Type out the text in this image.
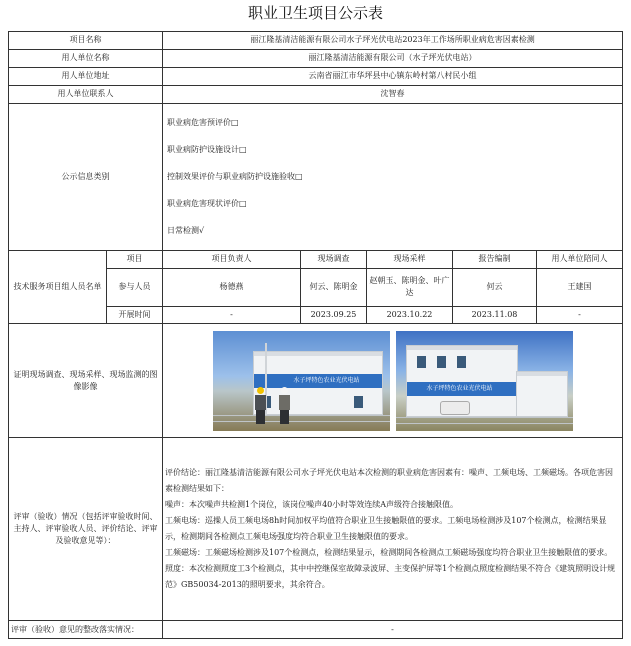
职业卫生项目公示表
项目名称		丽江隆基清洁能源有限公司水子坪光伏电站2023年工作场所职业病危害因素检测				
用人单位名称		丽江隆基清洁能源有限公司（水子坪光伏电站）				
用人单位地址		云南省丽江市华坪县中心镇东岭村第八村民小组				
用人单位联系人		沈智春				
公示信息类别		职业病危害预评价□
职业病防护设施设计□
控制效果评价与职业病防护设施验收□
职业病危害现状评价□
日常检测√				

技术服务项目组人员名单	项目	项目负责人	现场调查	现场采样	报告编制	用人单位陪同人
	参与人员	杨德燕	何云、陈明金	赵朝玉、陈明金、叶广达	何云	王建国
	开展时间	-	2023.09.25	2023.10.22	2023.11.08	-
证明现场调查、现场采样、现场监测的图像影像		水子坪特色农业光伏电站
水子坪特色农业光伏电站				

评审（验收）情况（包括评审验收时间、主持人、评审验收人员、评价结论、评审及验收意见等）：		评价结论：丽江隆基清洁能源有限公司水子坪光伏电站本次检测的职业病危害因素有：噪声、工频电场、工频磁场。各项危害因素检测结果如下：

噪声：本次噪声共检测1个岗位，该岗位噪声40小时等效连续A声级符合接触限值。

工频电场：巡操人员工频电场8h时间加权平均值符合职业卫生接触限值的要求。工频电场检测涉及107个检测点，检测结果显示，检测期间各检测点工频电场强度均符合职业卫生接触限值的要求。

工频磁场：工频磁场检测涉及107个检测点，检测结果显示，检测期间各检测点工频磁场强度均符合职业卫生接触限值的要求。

照度：本次检测照度工3个检测点，其中中控继保室故障录波屏、主变保护屏等1个检测点照度检测结果不符合《建筑照明设计规范》GB50034-2013的照明要求，其余符合。				

评审（验收）意见的整改落实情况：		-				
